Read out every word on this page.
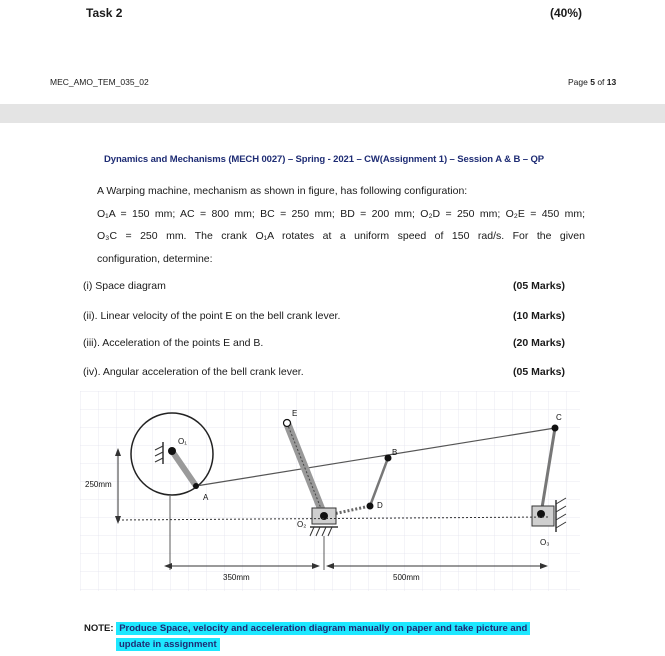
Task 2	(40%)
MEC_AMO_TEM_035_02	Page 5 of 13
Dynamics and Mechanisms (MECH 0027) – Spring - 2021 – CW(Assignment 1) – Session A & B – QP
A Warping machine, mechanism as shown in figure, has following configuration:
O₁A = 150 mm; AC = 800 mm; BC = 250 mm; BD = 200 mm; O₂D = 250 mm; O₂E = 450 mm;
O₃C = 250 mm. The crank O₁A rotates at a uniform speed of 150 rad/s. For the given
configuration, determine:
(i) Space diagram	(05 Marks)
(ii). Linear velocity of the point E on the bell crank lever.	(10 Marks)
(iii). Acceleration of the points E and B.	(20 Marks)
(iv). Angular acceleration of the bell crank lever.	(05 Marks)
O₁
A
B
C
D
E
O₂
O₃
250mm
350mm	500mm
NOTE: Produce Space, velocity and acceleration diagram manually on paper and take picture and
update in assignment
